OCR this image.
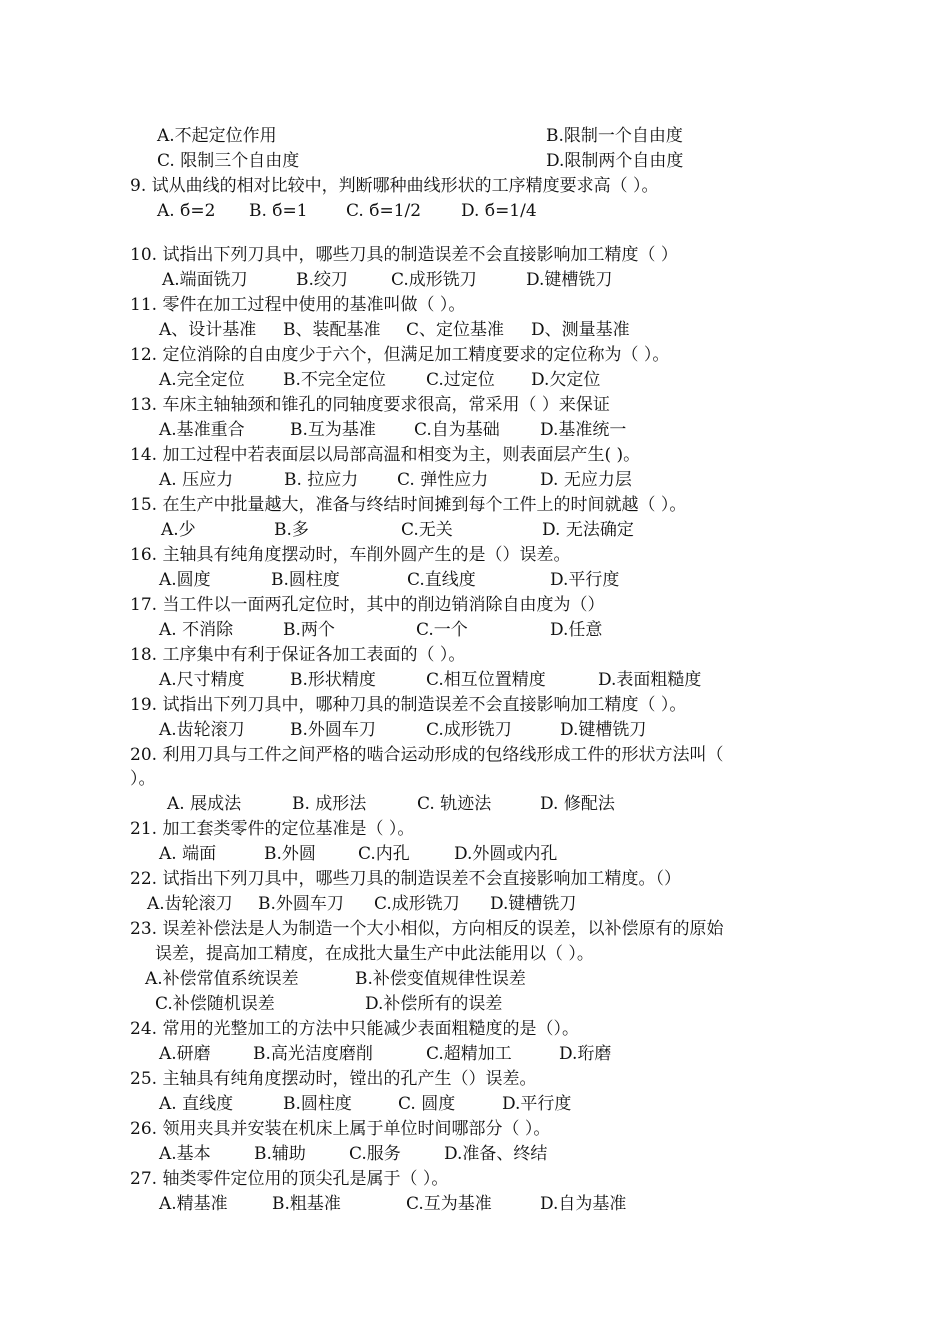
A.不起定位作用	B.限制一个自由度
C. 限制三个自由度	D.限制两个自由度
9. 试从曲线的相对比较中，判断哪种曲线形状的工序精度要求高（ ）。
A. б=2 B. б=1 C. б=1/2 D. б=1/4
10. 试指出下列刀具中，哪些刀具的制造误差不会直接影响加工精度（ ）
A.端面铣刀	B.绞刀	C.成形铣刀	D.键槽铣刀
11. 零件在加工过程中使用的基准叫做（ ）。
A、设计基准 B、装配基准 C、定位基准 D、测量基准
12. 定位消除的自由度少于六个，但满足加工精度要求的定位称为（ ）。
A.完全定位 B.不完全定位 C.过定位 D.欠定位
13. 车床主轴轴颈和锥孔的同轴度要求很高，常采用（ ）来保证
A.基准重合	B.互为基准 C.自为基础 D.基准统一
14. 加工过程中若表面层以局部高温和相变为主，则表面层产生( )。
A. 压应力	B. 拉应力 C. 弹性应力	D. 无应力层
15. 在生产中批量越大，准备与终结时间摊到每个工件上的时间就越（ ）。
A.少	B.多	C.无关	D. 无法确定
16. 主轴具有纯角度摆动时，车削外圆产生的是（）误差。
A.圆度	B.圆柱度	C.直线度	D.平行度
17. 当工件以一面两孔定位时，其中的削边销消除自由度为（）
A. 不消除	B.两个	C.一个	D.任意
18. 工序集中有利于保证各加工表面的（ ）。
A.尺寸精度	B.形状精度	C.相互位置精度	D.表面粗糙度
19. 试指出下列刀具中，哪种刀具的制造误差不会直接影响加工精度（ ）。
A.齿轮滚刀	B.外圆车刀	C.成形铣刀	D.键槽铣刀
20. 利用刀具与工件之间严格的啮合运动形成的包络线形成工件的形状方法叫（
）。
A. 展成法	B. 成形法	C. 轨迹法	D. 修配法
21. 加工套类零件的定位基准是（ ）。
A. 端面	B.外圆 C.内孔	D.外圆或内孔
22. 试指出下列刀具中，哪些刀具的制造误差不会直接影响加工精度。（）
A.齿轮滚刀 B.外圆车刀 C.成形铣刀 D.键槽铣刀
23. 误差补偿法是人为制造一个大小相似，方向相反的误差，以补偿原有的原始
误差，提高加工精度，在成批大量生产中此法能用以（ ）。
A.补偿常值系统误差	B.补偿变值规律性误差
C.补偿随机误差	D.补偿所有的误差
24. 常用的光整加工的方法中只能减少表面粗糙度的是（）。
A.研磨 B.高光洁度磨削	C.超精加工	D.珩磨
25. 主轴具有纯角度摆动时，镗出的孔产生（）误差。
A. 直线度	B.圆柱度	C. 圆度	D.平行度
26. 领用夹具并安装在机床上属于单位时间哪部分（ ）。
A.基本	B.辅助	C.服务	D.准备、终结
27. 轴类零件定位用的顶尖孔是属于（ ）。
A.精基准	B.粗基准	C.互为基准	D.自为基准
